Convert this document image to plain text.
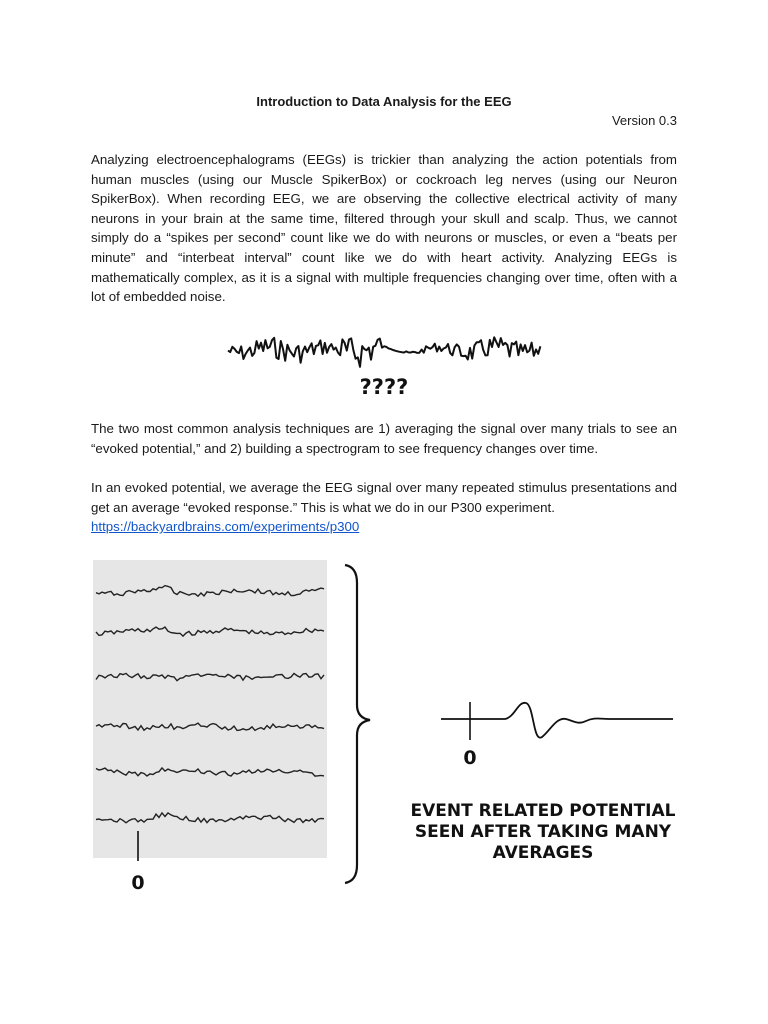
Introduction to Data Analysis for the EEG
Version 0.3

Analyzing electroencephalograms (EEGs) is trickier than analyzing the action potentials from human muscles (using our Muscle SpikerBox) or cockroach leg nerves (using our Neuron SpikerBox). When recording EEG, we are observing the collective electrical activity of many neurons in your brain at the same time, filtered through your skull and scalp. Thus, we cannot simply do a “spikes per second” count like we do with neurons or muscles, or even a “beats per minute” and “interbeat interval” count like we do with heart activity. Analyzing EEGs is mathematically complex, as it is a signal with multiple frequencies changing over time, often with a lot of embedded noise.

????

The two most common analysis techniques are 1) averaging the signal over many trials to see an “evoked potential,” and 2) building a spectrogram to see frequency changes over time.

In an evoked potential, we average the EEG signal over many repeated stimulus presentations and get an average “evoked response.” This is what we do in our P300 experiment.
https://backyardbrains.com/experiments/p300

0
0
EVENT RELATED POTENTIAL
SEEN AFTER TAKING MANY
AVERAGES
